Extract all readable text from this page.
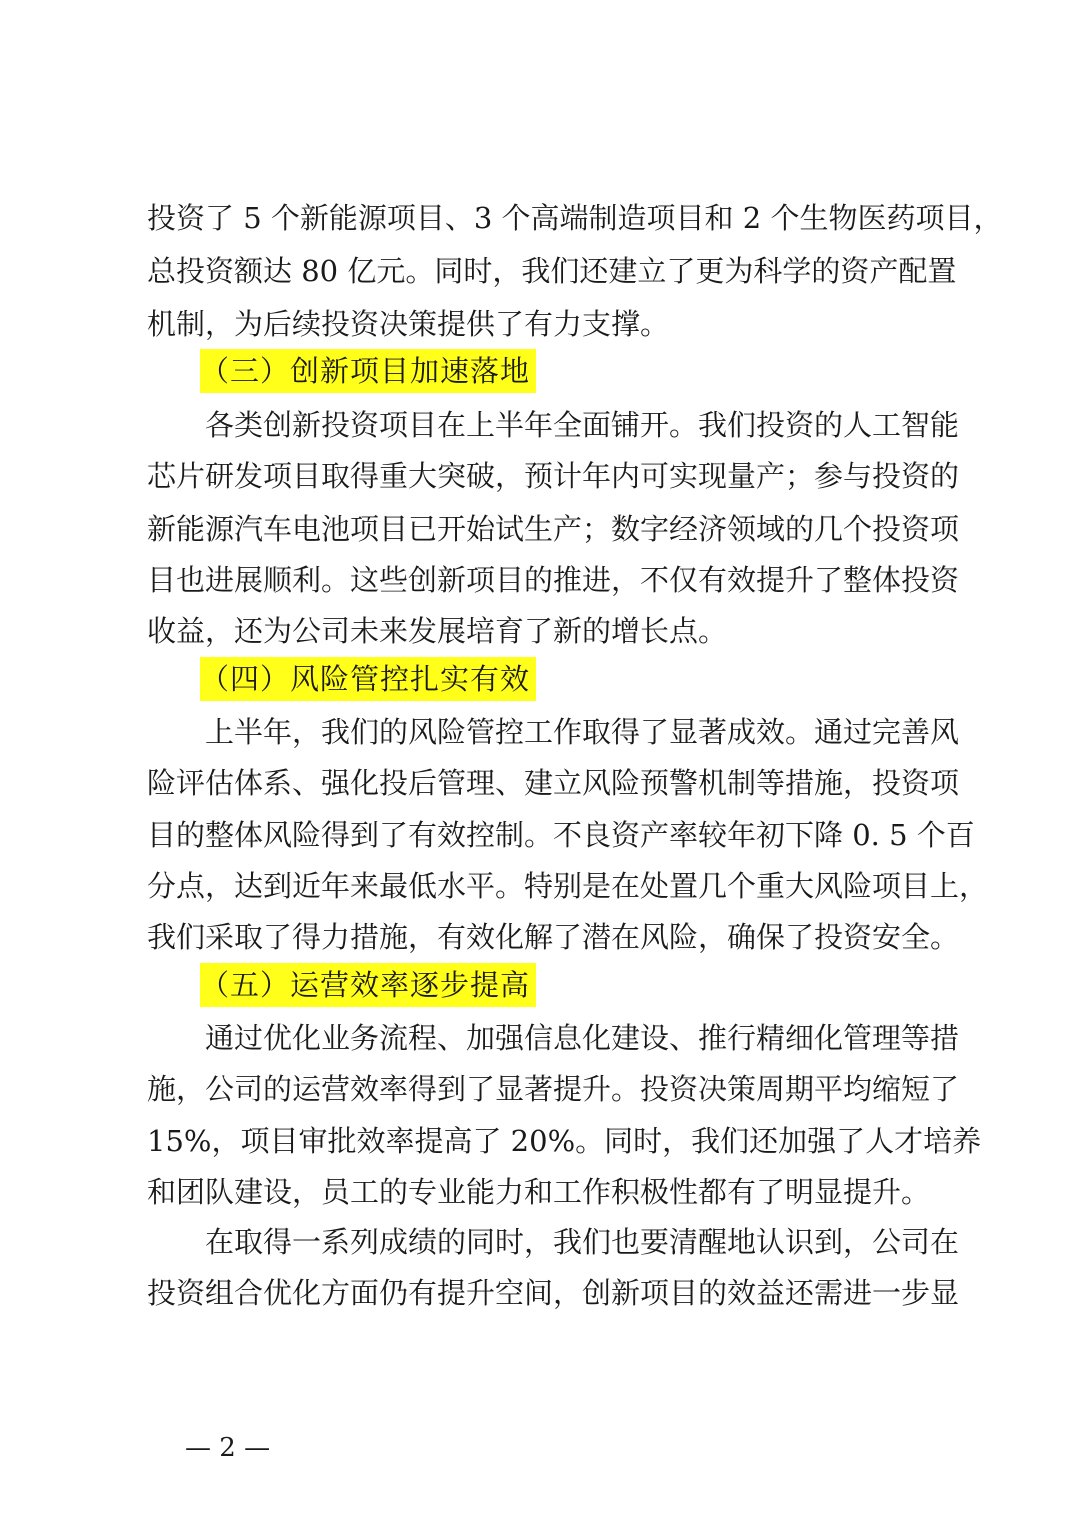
投资了 5 个新能源项目、3 个高端制造项目和 2 个生物医药项目，
总投资额达 80 亿元。同时，我们还建立了更为科学的资产配置
机制，为后续投资决策提供了有力支撑。
（三）创新项目加速落地
各类创新投资项目在上半年全面铺开。我们投资的人工智能
芯片研发项目取得重大突破，预计年内可实现量产；参与投资的
新能源汽车电池项目已开始试生产；数字经济领域的几个投资项
目也进展顺利。这些创新项目的推进，不仅有效提升了整体投资
收益，还为公司未来发展培育了新的增长点。
（四）风险管控扎实有效
上半年，我们的风险管控工作取得了显著成效。通过完善风
险评估体系、强化投后管理、建立风险预警机制等措施，投资项
目的整体风险得到了有效控制。不良资产率较年初下降 0. 5 个百
分点，达到近年来最低水平。特别是在处置几个重大风险项目上，
我们采取了得力措施，有效化解了潜在风险，确保了投资安全。
（五）运营效率逐步提高
通过优化业务流程、加强信息化建设、推行精细化管理等措
施，公司的运营效率得到了显著提升。投资决策周期平均缩短了
15%，项目审批效率提高了 20%。同时，我们还加强了人才培养
和团队建设，员工的专业能力和工作积极性都有了明显提升。
在取得一系列成绩的同时，我们也要清醒地认识到，公司在
投资组合优化方面仍有提升空间，创新项目的效益还需进一步显
— 2 —
